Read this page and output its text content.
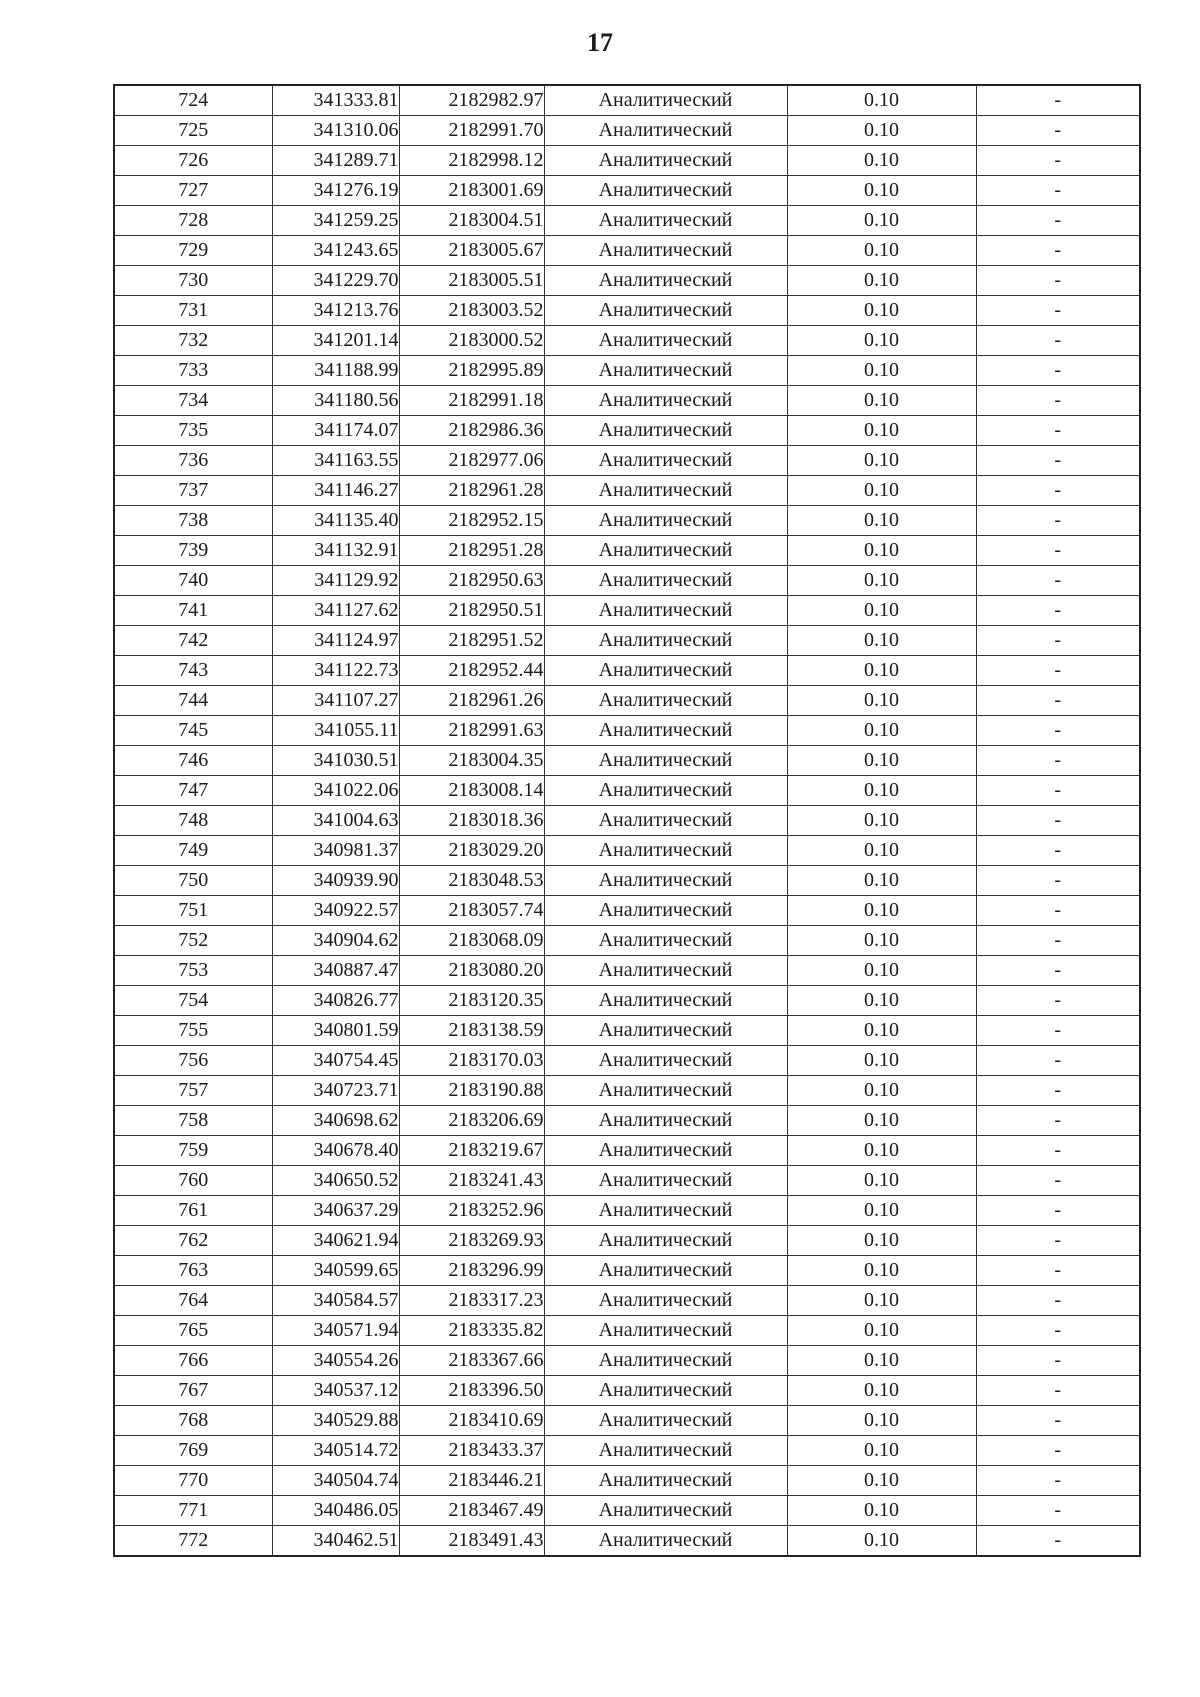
17
724	341333.81	2182982.97	Аналитический	0.10	-
725	341310.06	2182991.70	Аналитический	0.10	-
726	341289.71	2182998.12	Аналитический	0.10	-
727	341276.19	2183001.69	Аналитический	0.10	-
728	341259.25	2183004.51	Аналитический	0.10	-
729	341243.65	2183005.67	Аналитический	0.10	-
730	341229.70	2183005.51	Аналитический	0.10	-
731	341213.76	2183003.52	Аналитический	0.10	-
732	341201.14	2183000.52	Аналитический	0.10	-
733	341188.99	2182995.89	Аналитический	0.10	-
734	341180.56	2182991.18	Аналитический	0.10	-
735	341174.07	2182986.36	Аналитический	0.10	-
736	341163.55	2182977.06	Аналитический	0.10	-
737	341146.27	2182961.28	Аналитический	0.10	-
738	341135.40	2182952.15	Аналитический	0.10	-
739	341132.91	2182951.28	Аналитический	0.10	-
740	341129.92	2182950.63	Аналитический	0.10	-
741	341127.62	2182950.51	Аналитический	0.10	-
742	341124.97	2182951.52	Аналитический	0.10	-
743	341122.73	2182952.44	Аналитический	0.10	-
744	341107.27	2182961.26	Аналитический	0.10	-
745	341055.11	2182991.63	Аналитический	0.10	-
746	341030.51	2183004.35	Аналитический	0.10	-
747	341022.06	2183008.14	Аналитический	0.10	-
748	341004.63	2183018.36	Аналитический	0.10	-
749	340981.37	2183029.20	Аналитический	0.10	-
750	340939.90	2183048.53	Аналитический	0.10	-
751	340922.57	2183057.74	Аналитический	0.10	-
752	340904.62	2183068.09	Аналитический	0.10	-
753	340887.47	2183080.20	Аналитический	0.10	-
754	340826.77	2183120.35	Аналитический	0.10	-
755	340801.59	2183138.59	Аналитический	0.10	-
756	340754.45	2183170.03	Аналитический	0.10	-
757	340723.71	2183190.88	Аналитический	0.10	-
758	340698.62	2183206.69	Аналитический	0.10	-
759	340678.40	2183219.67	Аналитический	0.10	-
760	340650.52	2183241.43	Аналитический	0.10	-
761	340637.29	2183252.96	Аналитический	0.10	-
762	340621.94	2183269.93	Аналитический	0.10	-
763	340599.65	2183296.99	Аналитический	0.10	-
764	340584.57	2183317.23	Аналитический	0.10	-
765	340571.94	2183335.82	Аналитический	0.10	-
766	340554.26	2183367.66	Аналитический	0.10	-
767	340537.12	2183396.50	Аналитический	0.10	-
768	340529.88	2183410.69	Аналитический	0.10	-
769	340514.72	2183433.37	Аналитический	0.10	-
770	340504.74	2183446.21	Аналитический	0.10	-
771	340486.05	2183467.49	Аналитический	0.10	-
772	340462.51	2183491.43	Аналитический	0.10	-
